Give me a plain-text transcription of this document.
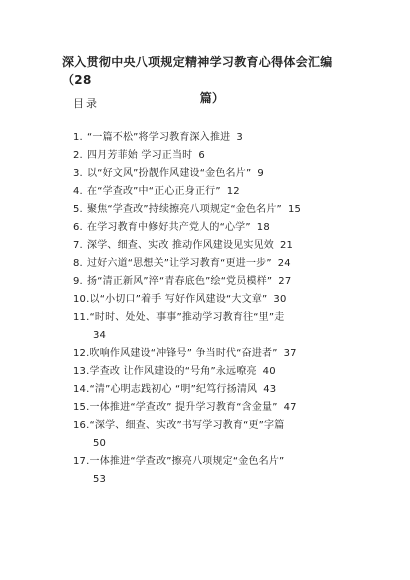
深入贯彻中央八项规定精神学习教育心得体会汇编（28
篇）
目录
1. “一篇不松”将学习教育深入推进 3
2. 四月芳菲始 学习正当时 6
3. 以“好文风”扮靓作风建设“金色名片” 9
4. 在“学查改”中“正心正身正行” 12
5. 聚焦“学查改”持续擦亮八项规定“金色名片” 15
6. 在学习教育中修好共产党人的“心学” 18
7. 深学、细查、实改 推动作风建设见实见效 21
8. 过好六道“思想关”让学习教育“更进一步” 24
9. 扬“清正新风”淬“青春底色”绘“党员模样” 27
10.以“小切口”着手 写好作风建设“大文章” 30
11.“时时、处处、事事”推动学习教育往“里”走
34
12.吹响作风建设“冲锋号” 争当时代“奋进者” 37
13.学查改 让作风建设的“号角”永远嘹亮 40
14.“清”心明志践初心 “明”纪笃行扬清风 43
15.一体推进“学查改” 提升学习教育“含金量” 47
16.“深学、细查、实改”书写学习教育“更”字篇
50
17.一体推进“学查改”擦亮八项规定“金色名片”
53
